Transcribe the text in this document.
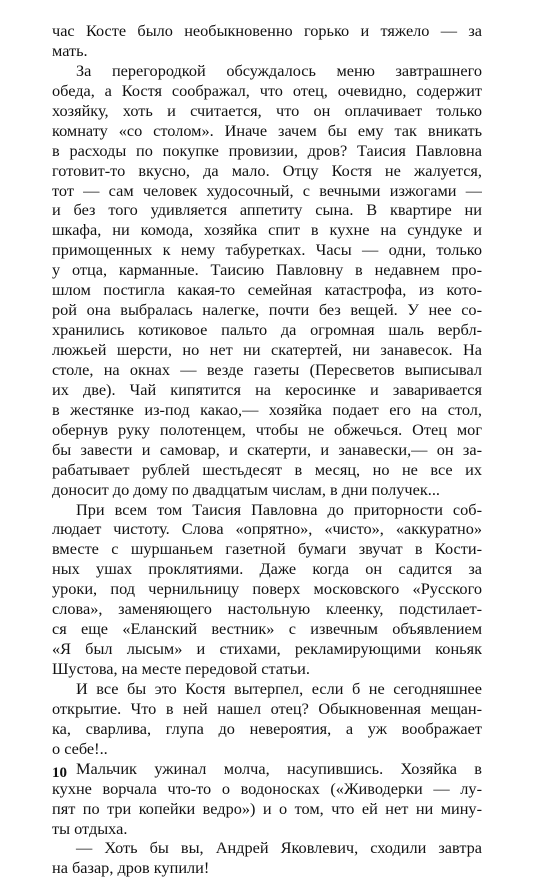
час Косте было необыкновенно горько и тяжело — за
мать.
За перегородкой обсуждалось меню завтрашнего
обеда, а Костя соображал, что отец, очевидно, содержит
хозяйку, хоть и считается, что он оплачивает только
комнату «со столом». Иначе зачем бы ему так вникать
в расходы по покупке провизии, дров? Таисия Павловна
готовит-то вкусно, да мало. Отцу Костя не жалуется,
тот — сам человек худосочный, с вечными изжогами —
и без того удивляется аппетиту сына. В квартире ни
шкафа, ни комода, хозяйка спит в кухне на сундуке и
примощенных к нему табуретках. Часы — одни, только
у отца, карманные. Таисию Павловну в недавнем про-
шлом постигла какая-то семейная катастрофа, из кото-
рой она выбралась налегке, почти без вещей. У нее со-
хранились котиковое пальто да огромная шаль вербл-
люжьей шерсти, но нет ни скатертей, ни занавесок. На
столе, на окнах — везде газеты (Пересветов выписывал
их две). Чай кипятится на керосинке и заваривается
в жестянке из-под какао,— хозяйка подает его на стол,
обернув руку полотенцем, чтобы не обжечься. Отец мог
бы завести и самовар, и скатерти, и занавески,— он за-
рабатывает рублей шестьдесят в месяц, но не все их
доносит до дому по двадцатым числам, в дни получек...
При всем том Таисия Павловна до приторности соб-
людает чистоту. Слова «опрятно», «чисто», «аккуратно»
вместе с шуршаньем газетной бумаги звучат в Кости-
ных ушах проклятиями. Даже когда он садится за
уроки, под чернильницу поверх московского «Русского
слова», заменяющего настольную клеенку, подстилает-
ся еще «Еланский вестник» с извечным объявлением
«Я был лысым» и стихами, рекламирующими коньяк
Шустова, на месте передовой статьи.
И все бы это Костя вытерпел, если б не сегодняшнее
открытие. Что в ней нашел отец? Обыкновенная мещан-
ка, сварлива, глупа до невероятия, а уж воображает
о себе!..
Мальчик ужинал молча, насупившись. Хозяйка в
кухне ворчала что-то о водоносках («Живодерки — лу-
пят по три копейки ведро») и о том, что ей нет ни мину-
ты отдыха.
— Хоть бы вы, Андрей Яковлевич, сходили завтра
на базар, дров купили!
10
